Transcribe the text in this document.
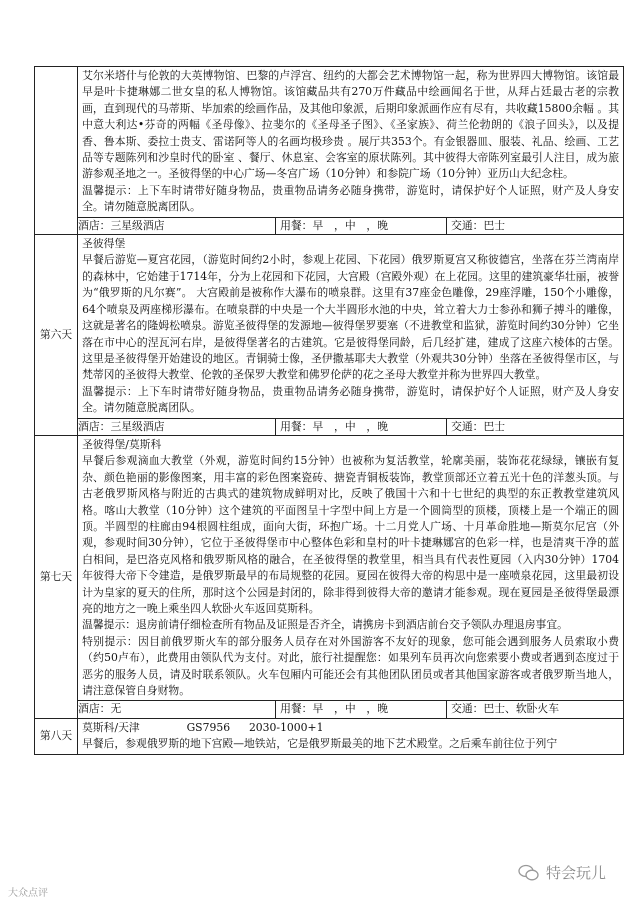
	艾尔米塔什与伦敦的大英博物馆、巴黎的卢浮宫、纽约的大都会艺术博物馆一起，称为世界四大博物馆。该馆最早是叶卡捷琳娜二世女皇的私人博物馆。该馆藏品共有270万件藏品中绘画闻名于世，从拜占廷最古老的宗教画，直到现代的马蒂斯、毕加索的绘画作品，及其他印象派，后期印象派画作应有尽有，共收藏15800余幅 。其中意大利达•芬奇的两幅《圣母像》、拉斐尔的《圣母圣子图》、《圣家族》、荷兰伦勃朗的《浪子回头》，以及提香、鲁本斯、委拉士贵支、雷诺阿等人的名画均极珍贵 。展厅共353个。有金银器皿、服装、礼品、绘画、工艺品等专题陈列和沙皇时代的卧室 、餐厅、休息室、会客室的原状陈列。其中彼得大帝陈列室最引人注目，成为旅游参观圣地之一。圣彼得堡的中心广场—冬宫广场（10分钟）和参院广场（10分钟）亚历山大纪念柱。

温馨提示：上下车时请带好随身物品，贵重物品请务必随身携带，游览时，请保护好个人证照，财产及人身安全。请勿随意脱离团队。

	酒店：三星级酒店 用餐：早　，中　，晚 交通：巴士

第六天	圣彼得堡

早餐后游览—夏宫花园，（游览时间约2小时，参观上花园、下花园）俄罗斯夏宫又称彼德宫，坐落在芬兰湾南岸的森林中，它始建于1714年，分为上花园和下花园，大宫殿（宫殿外观）在上花园。这里的建筑豪华壮丽，被誉为“俄罗斯的凡尔赛”。 大宫殿前是被称作大瀑布的喷泉群。这里有37座金色雕像，29座浮雕，150个小雕像，64个喷泉及两座梯形瀑布。在喷泉群的中央是一个大半圆形水池的中央，耸立着大力士参孙和狮子搏斗的雕像，这就是著名的隆姆松喷泉。游览圣彼得堡的发源地—彼得堡罗要塞（不进教堂和监狱，游览时间约30分钟）它坐落在市中心的涅瓦河右岸，是彼得堡著名的古建筑。它是彼得堡同龄，后几经扩建，建成了这座六棱体的古堡。这里是圣彼得堡开始建设的地区。青铜骑士像，圣伊撒基耶夫大教堂（外观共30分钟）坐落在圣彼得堡市区，与梵蒂冈的圣彼得大教堂、伦敦的圣保罗大教堂和佛罗伦萨的花之圣母大教堂并称为世界四大教堂。

温馨提示：上下车时请带好随身物品，贵重物品请务必随身携带，游览时，请保护好个人证照，财产及人身安全。请勿随意脱离团队。

	酒店：三星级酒店 用餐：早　，中　，晚 交通：巴士

第七天	圣彼得堡/莫斯科

早餐后参观滴血大教堂（外观，游览时间约15分钟）也被称为复活教堂，轮廓美丽，装饰花花绿绿，镶嵌有复杂、颜色艳丽的影像图案，用丰富的彩色图案瓷砖、搪瓷青铜板装饰，教堂顶部还立着五光十色的洋葱头顶。与古老俄罗斯风格与附近的古典式的建筑物成鲜明对比，反映了俄国十六和十七世纪的典型的东正教教堂建筑风格。喀山大教堂（10分钟）这个建筑的平面图呈十字型中间上方是一个圆筒型的顶楼，顶楼上是一个端正的圆顶。半圆型的柱廊由94根圆柱组成，面向大街，环抱广场。十二月党人广场、十月革命胜地—斯莫尔尼宫（外观，参观时间30分钟），它位于圣彼得堡市中心整体色彩和皇村的叶卡捷琳娜宫的色彩一样，也是清爽干净的蓝白相间，是巴洛克风格和俄罗斯风格的融合，在圣彼得堡的教堂里，相当具有代表性夏园（入内30分钟）1704年彼得大帝下令建造，是俄罗斯最早的布局规整的花园。夏园在彼得大帝的构思中是一座喷泉花园，这里最初设计为皇家的夏天的住所，那时这个公园是封闭的，除非得到彼得大帝的邀请才能参观。现在夏园是圣彼得堡最漂亮的地方之一晚上乘坐四人软卧火车返回莫斯科。

温馨提示：退房前请仔细检查所有物品及证照是否齐全，请携房卡到酒店前台交予领队办理退房事宜。

特别提示：因目前俄罗斯火车的部分服务人员存在对外国游客不友好的现象，您可能会遇到服务人员索取小费（约50卢布），此费用由领队代为支付。对此，旅行社提醒您：如果列车员再次向您索要小费或者遇到态度过于恶劣的服务人员，请及时联系领队。火车包厢内可能还会有其他团队团员或者其他国家游客或者俄罗斯当地人，请注意保管自身财物。

	酒店：无 用餐：早　，中　，晚 交通：巴士、软卧火车

第八天	莫斯科/天津 GS7956 2030-1000+1

早餐后，参观俄罗斯的地下宫殿—地铁站，它是俄罗斯最美的地下艺术殿堂。之后乘车前往位于列宁

大众点评
特会玩儿
